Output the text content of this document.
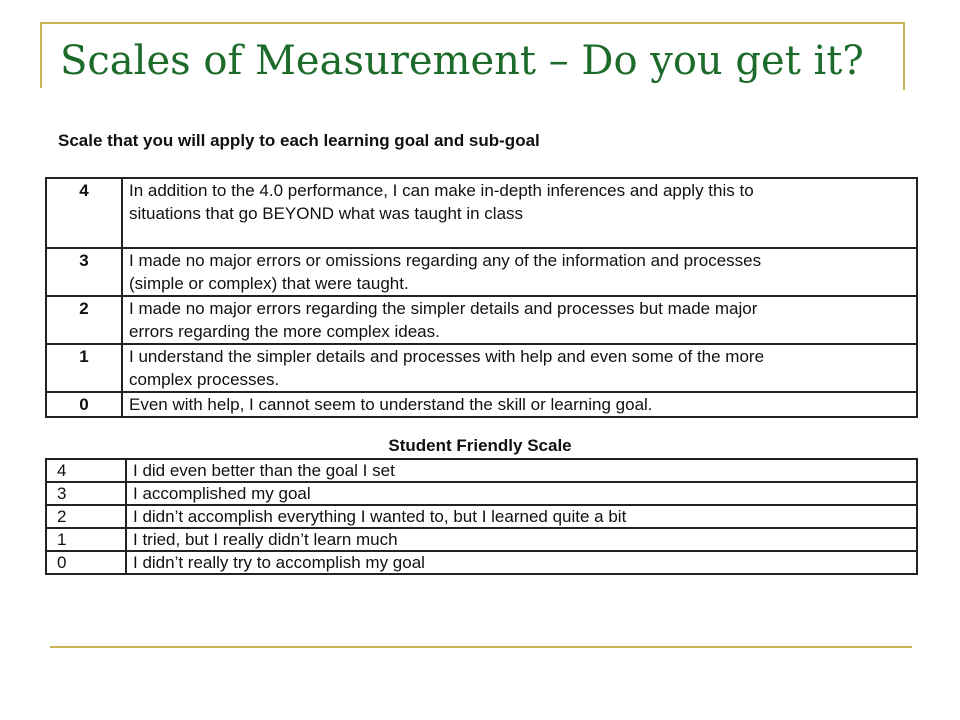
Scales of Measurement – Do you get it?
Scale that you will apply to each learning goal and sub-goal
4	In addition to the 4.0 performance, I can make in-depth inferences and apply this to
situations that go BEYOND what was taught in class

3	I made no major errors or omissions regarding any of the information and processes
(simple or complex) that were taught.

2	I made no major errors regarding the simpler details and processes but made major
errors regarding the more complex ideas.

1	I understand the simpler details and processes with help and even some of the more
complex processes.

0	Even with help, I cannot seem to understand the skill or learning goal.
Student Friendly Scale
4	I did even better than the goal I set
3	I accomplished my goal
2	I didn’t accomplish everything I wanted to, but I learned quite a bit
1	I tried, but I really didn’t learn much
0	I didn’t really try to accomplish my goal
